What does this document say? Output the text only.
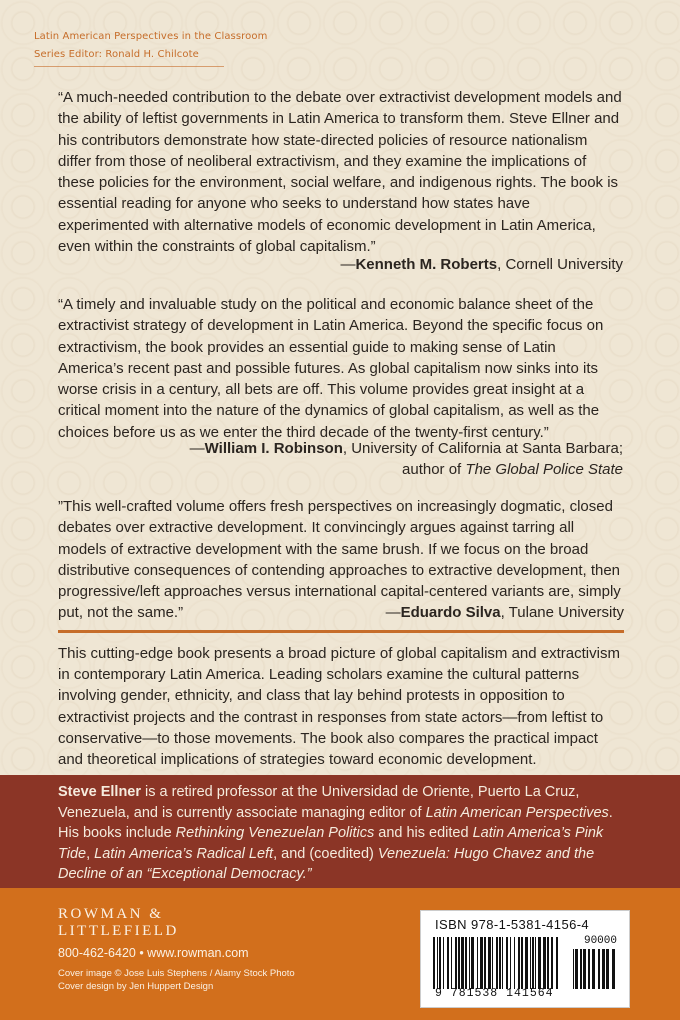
Latin American Perspectives in the Classroom
Series Editor: Ronald H. Chilcote
“A much-needed contribution to the debate over extractivist development models and the ability of leftist governments in Latin America to transform them. Steve Ellner and his contributors demonstrate how state-directed policies of resource nationalism differ from those of neoliberal extractivism, and they examine the implications of these policies for the environment, social welfare, and indigenous rights. The book is essential reading for anyone who seeks to understand how states have experimented with alternative models of economic development in Latin America, even within the constraints of global capitalism.”
—Kenneth M. Roberts, Cornell University
“A timely and invaluable study on the political and economic balance sheet of the extractivist strategy of development in Latin America. Beyond the specific focus on extractivism, the book provides an essential guide to making sense of Latin America’s recent past and possible futures. As global capitalism now sinks into its worse crisis in a century, all bets are off. This volume provides great insight at a critical moment into the nature of the dynamics of global capitalism, as well as the choices before us as we enter the third decade of the twenty-first century.”
—William I. Robinson, University of California at Santa Barbara;
author of The Global Police State
”This well-crafted volume offers fresh perspectives on increasingly dogmatic, closed debates over extractive development. It convincingly argues against tarring all models of extractive development with the same brush. If we focus on the broad distributive consequences of contending approaches to extractive development, then progressive/left approaches versus international capital-centered variants are, simply put, not the same.”	—Eduardo Silva, Tulane University
This cutting-edge book presents a broad picture of global capitalism and extractivism in contemporary Latin America. Leading scholars examine the cultural patterns involving gender, ethnicity, and class that lay behind protests in opposition to extractivist projects and the contrast in responses from state actors—from leftist to conservative—to those movements. The book also compares the practical impact and theoretical implications of strategies toward economic development.
Steve Ellner is a retired professor at the Universidad de Oriente, Puerto La Cruz, Venezuela, and is currently associate managing editor of Latin American Perspectives. His books include Rethinking Venezuelan Politics and his edited Latin America’s Pink Tide, Latin America’s Radical Left, and (coedited) Venezuela: Hugo Chavez and the Decline of an “Exceptional Democracy.”
ROWMAN &
LITTLEFIELD
800-462-6420 • www.rowman.com
Cover image © Jose Luis Stephens / Alamy Stock Photo
Cover design by Jen Huppert Design
ISBN 978-1-5381-4156-4
90000
9 781538 141564
